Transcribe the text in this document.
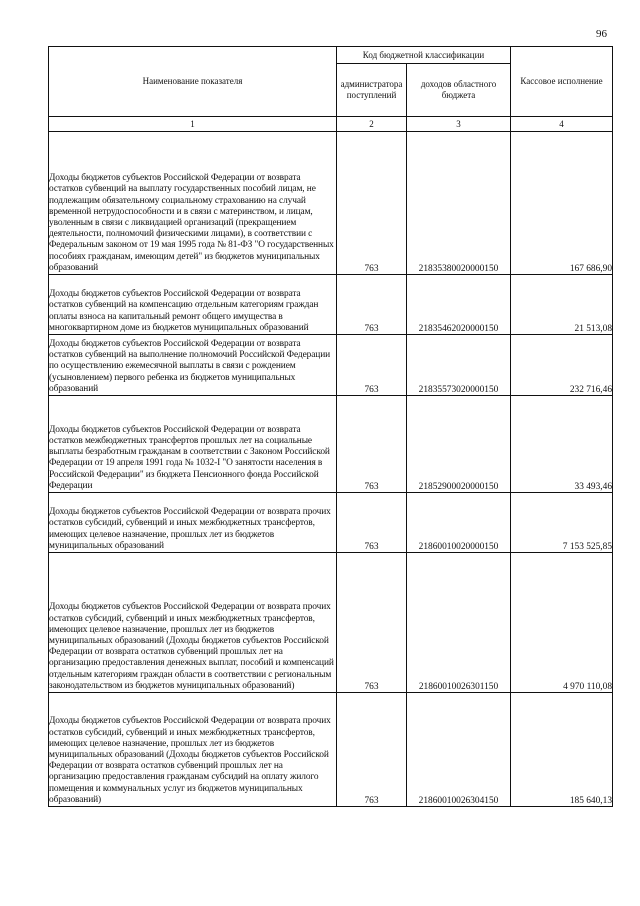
96
Наименование показателя	Код бюджетной классификации		Кассовое исполнение
	администратора поступлений	доходов областного бюджета	
1	2	3	4
Доходы бюджетов субъектов Российской Федерации от возврата остатков субвенций на выплату государственных пособий лицам, не подлежащим обязательному социальному страхованию на случай временной нетрудоспособности и в связи с материнством, и лицам, уволенным в связи с ликвидацией организаций (прекращением деятельности, полномочий физическими лицами), в соответствии с Федеральным законом от 19 мая 1995 года № 81-ФЗ "О государственных пособиях гражданам, имеющим детей" из бюджетов муниципальных образований	763	21835380020000150	167 686,90
Доходы бюджетов субъектов Российской Федерации от возврата остатков субвенций на компенсацию отдельным категориям граждан оплаты взноса на капитальный ремонт общего имущества в многоквартирном доме из бюджетов муниципальных образований	763	21835462020000150	21 513,08
Доходы бюджетов субъектов Российской Федерации от возврата остатков субвенций на выполнение полномочий Российской Федерации по осуществлению ежемесячной выплаты в связи с рождением (усыновлением) первого ребенка из бюджетов муниципальных образований	763	21835573020000150	232 716,46
Доходы бюджетов субъектов Российской Федерации от возврата остатков межбюджетных трансфертов прошлых лет на социальные выплаты безработным гражданам в соответствии с Законом Российской Федерации от 19 апреля 1991 года № 1032-I "О занятости населения в Российской Федерации" из бюджета Пенсионного фонда Российской Федерации	763	21852900020000150	33 493,46
Доходы бюджетов субъектов Российской Федерации от возврата прочих остатков субсидий, субвенций и иных межбюджетных трансфертов, имеющих целевое назначение, прошлых лет из бюджетов муниципальных образований	763	21860010020000150	7 153 525,85
Доходы бюджетов субъектов Российской Федерации от возврата прочих остатков субсидий, субвенций и иных межбюджетных трансфертов, имеющих целевое назначение, прошлых лет из бюджетов муниципальных образований (Доходы бюджетов субъектов Российской Федерации от возврата остатков субвенций прошлых лет на организацию предоставления денежных выплат, пособий и компенсаций отдельным категориям граждан области в соответствии с региональным законодательством из бюджетов муниципальных образований)	763	21860010026301150	4 970 110,08
Доходы бюджетов субъектов Российской Федерации от возврата прочих остатков субсидий, субвенций и иных межбюджетных трансфертов, имеющих целевое назначение, прошлых лет из бюджетов муниципальных образований (Доходы бюджетов субъектов Российской Федерации от возврата остатков субвенций прошлых лет на организацию предоставления гражданам субсидий на оплату жилого помещения и коммунальных услуг из бюджетов муниципальных образований)	763	21860010026304150	185 640,13
